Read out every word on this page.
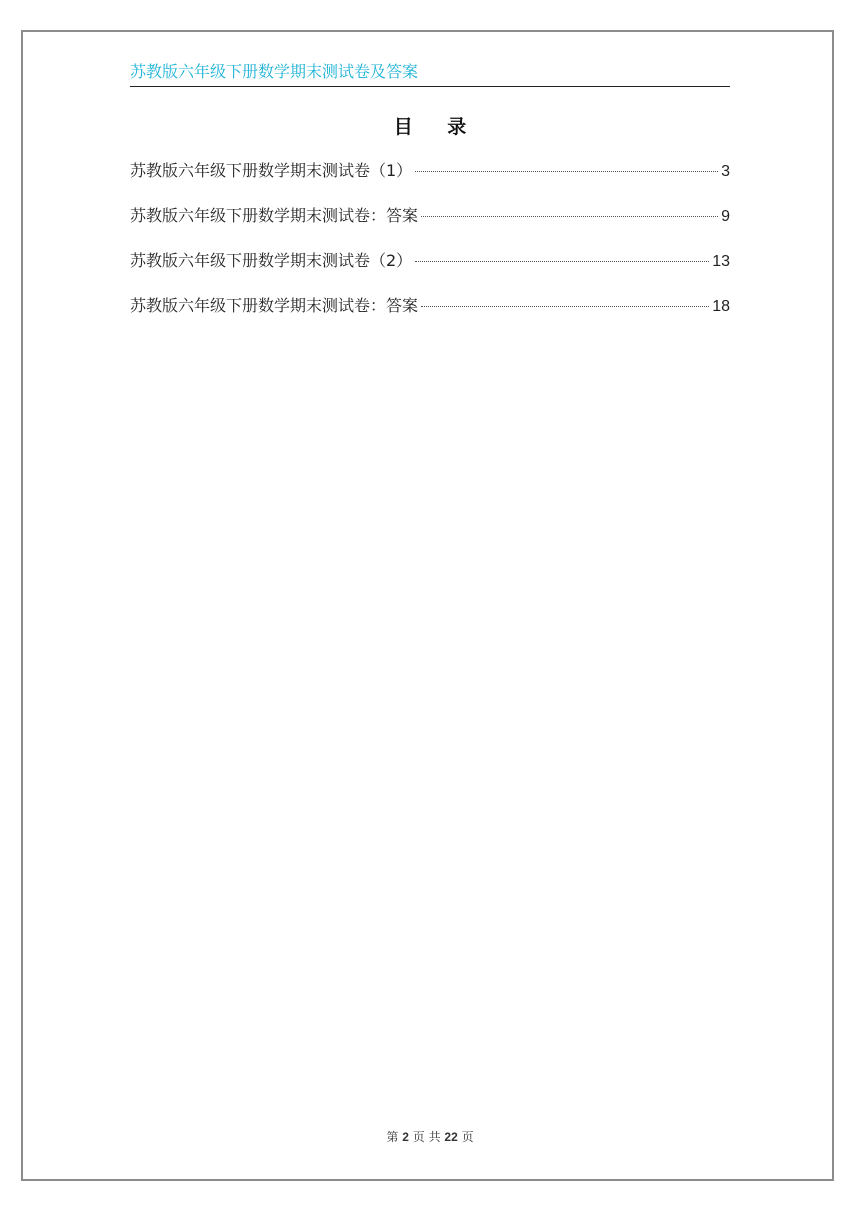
苏教版六年级下册数学期末测试卷及答案
目 录
苏教版六年级下册数学期末测试卷（1）	3
苏教版六年级下册数学期末测试卷：答案	9
苏教版六年级下册数学期末测试卷（2）	13
苏教版六年级下册数学期末测试卷：答案	18
第 2 页 共 22 页
